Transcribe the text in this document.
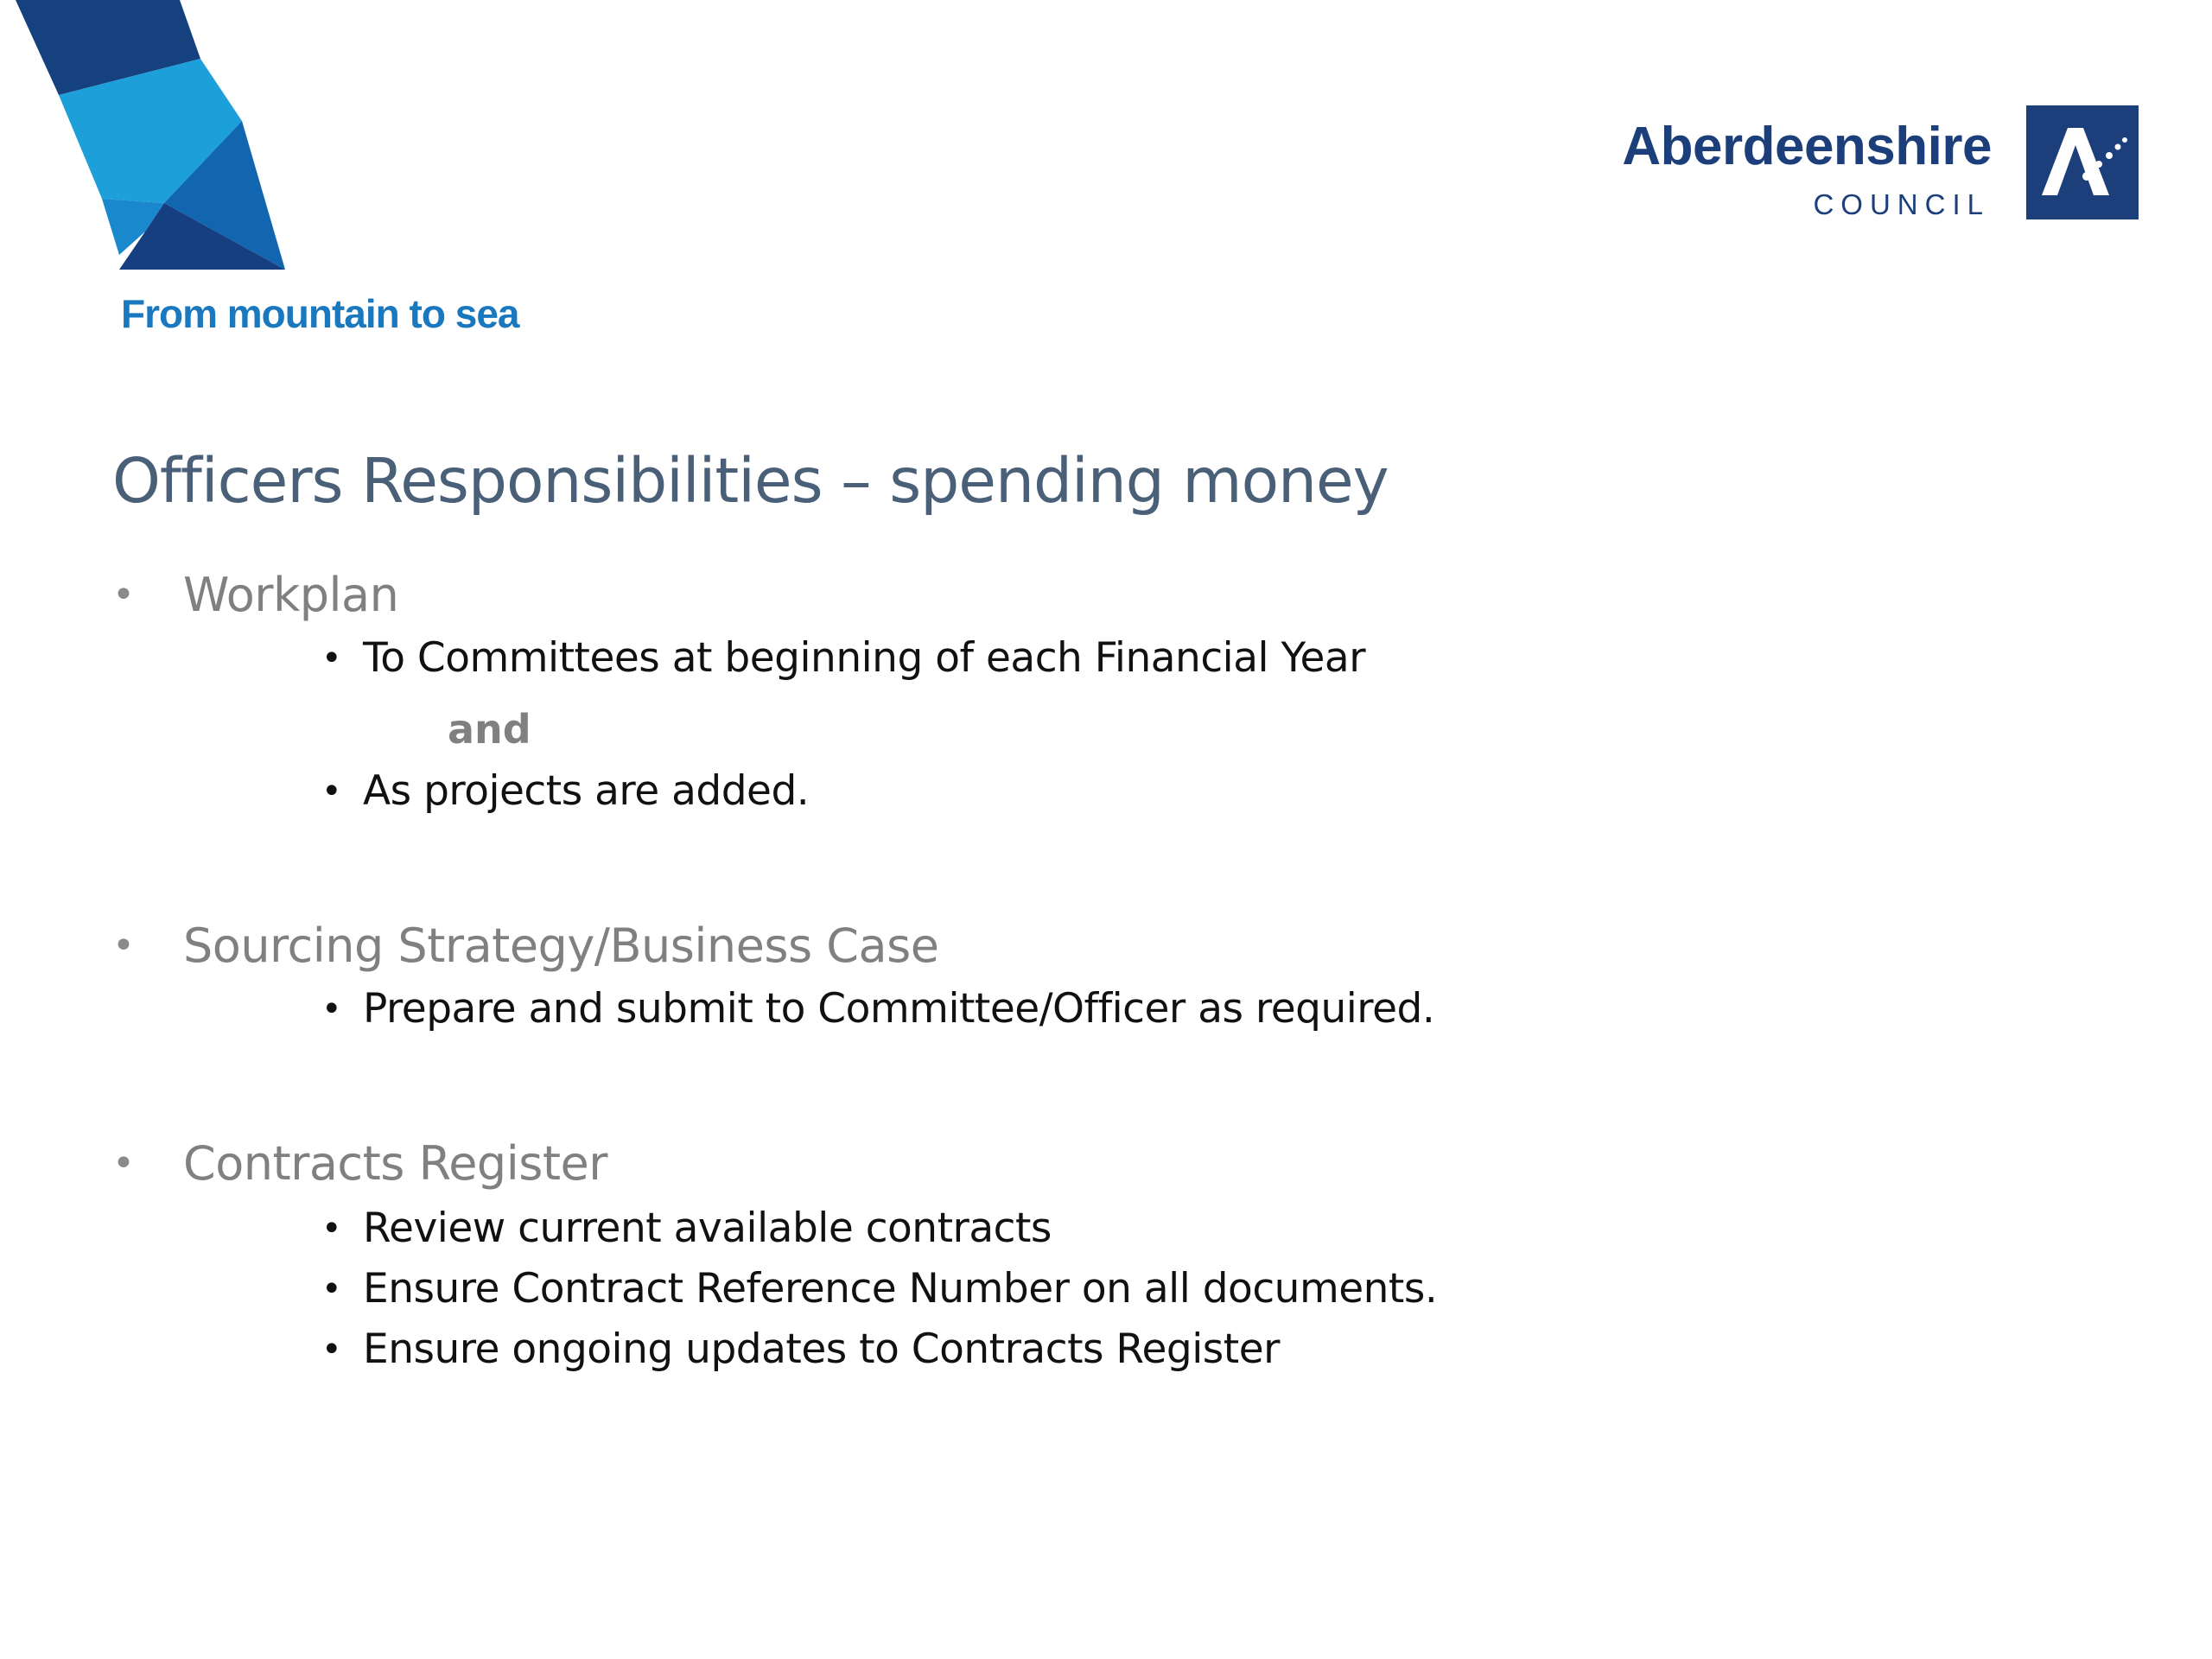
From mountain to sea
Aberdeenshire
COUNCIL
Officers Responsibilities – spending money
• Workplan
• To Committees at beginning of each Financial Year
and
• As projects are added.
• Sourcing Strategy/Business Case
• Prepare and submit to Committee/Officer as required.
• Contracts Register
• Review current available contracts
• Ensure Contract Reference Number on all documents.
• Ensure ongoing updates to Contracts Register
